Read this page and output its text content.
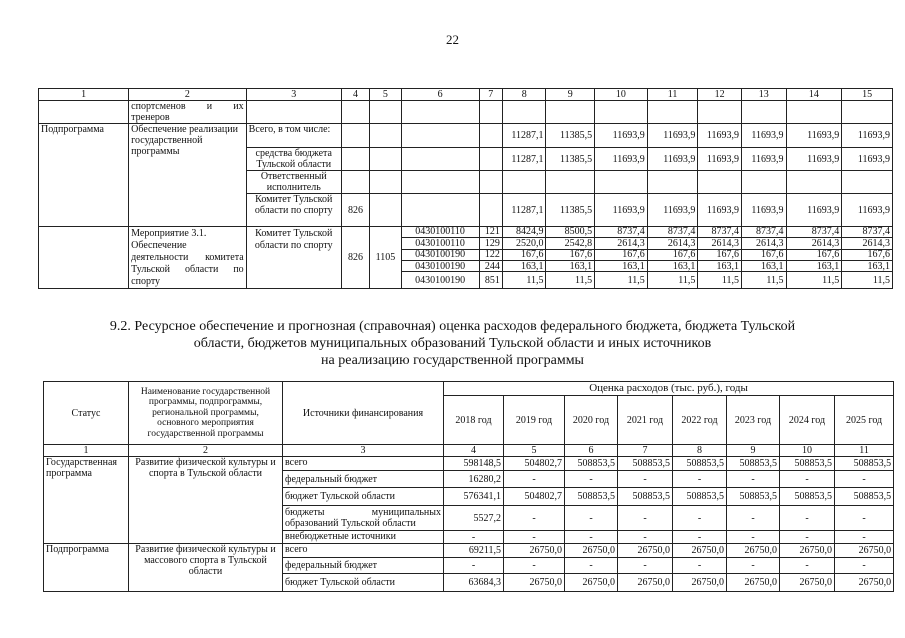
22
1	2	3	4	5	6	7	8	9	10	11	12	13	14	15

	спортсменов и их
тренеров													

Подпрограмма	Обеспечение реализации государственной программы	Всего, в том числе:					11287,1	11385,5	11693,9	11693,9	11693,9	11693,9	11693,9	11693,9
		средства бюджета Тульской области					11287,1	11385,5	11693,9	11693,9	11693,9	11693,9	11693,9	11693,9
		Ответственный исполнитель												
		Комитет Тульской области по спорту	826				11287,1	11385,5	11693,9	11693,9	11693,9	11693,9	11693,9	11693,9

	Мероприятие 3.1.
Обеспечение
деятельности комитета
Тульской области по
спорту	Комитет Тульской области по спорту	826	1105	0430100110	121	8424,9	8500,5	8737,4	8737,4	8737,4	8737,4	8737,4	8737,4
					0430100110	129	2520,0	2542,8	2614,3	2614,3	2614,3	2614,3	2614,3	2614,3
					0430100190	122	167,6	167,6	167,6	167,6	167,6	167,6	167,6	167,6
					0430100190	244	163,1	163,1	163,1	163,1	163,1	163,1	163,1	163,1
					0430100190	851	11,5	11,5	11,5	11,5	11,5	11,5	11,5	11,5
9.2. Ресурсное обеспечение и прогнозная (справочная) оценка расходов федерального бюджета, бюджета Тульской
области, бюджетов муниципальных образований Тульской области и иных источников
на реализацию государственной программы
Статус	Наименование государственной программы, подпрограммы, региональной программы, основного мероприятия государственной программы	Источники финансирования	Оценка расходов (тыс. руб.), годы							
			2018 год	2019 год	2020 год	2021 год	2022 год	2023 год	2024 год	2025 год
1	2	3	4	5	6	7	8	9	10	11
Государственная программа	Развитие физической культуры и спорта в Тульской области	всего	598148,5	504802,7	508853,5	508853,5	508853,5	508853,5	508853,5	508853,5
		федеральный бюджет	16280,2	-	-	-	-	-	-	-
		бюджет Тульской области	576341,1	504802,7	508853,5	508853,5	508853,5	508853,5	508853,5	508853,5

		бюджеты муниципальных
образований Тульской области	5527,2	-	-	-	-	-	-	-
		внебюджетные источники	-	-	-	-	-	-	-	-
Подпрограмма	Развитие физической культуры и массового спорта в Тульской области	всего	69211,5	26750,0	26750,0	26750,0	26750,0	26750,0	26750,0	26750,0
		федеральный бюджет	-	-	-	-	-	-	-	-
		бюджет Тульской области	63684,3	26750,0	26750,0	26750,0	26750,0	26750,0	26750,0	26750,0
